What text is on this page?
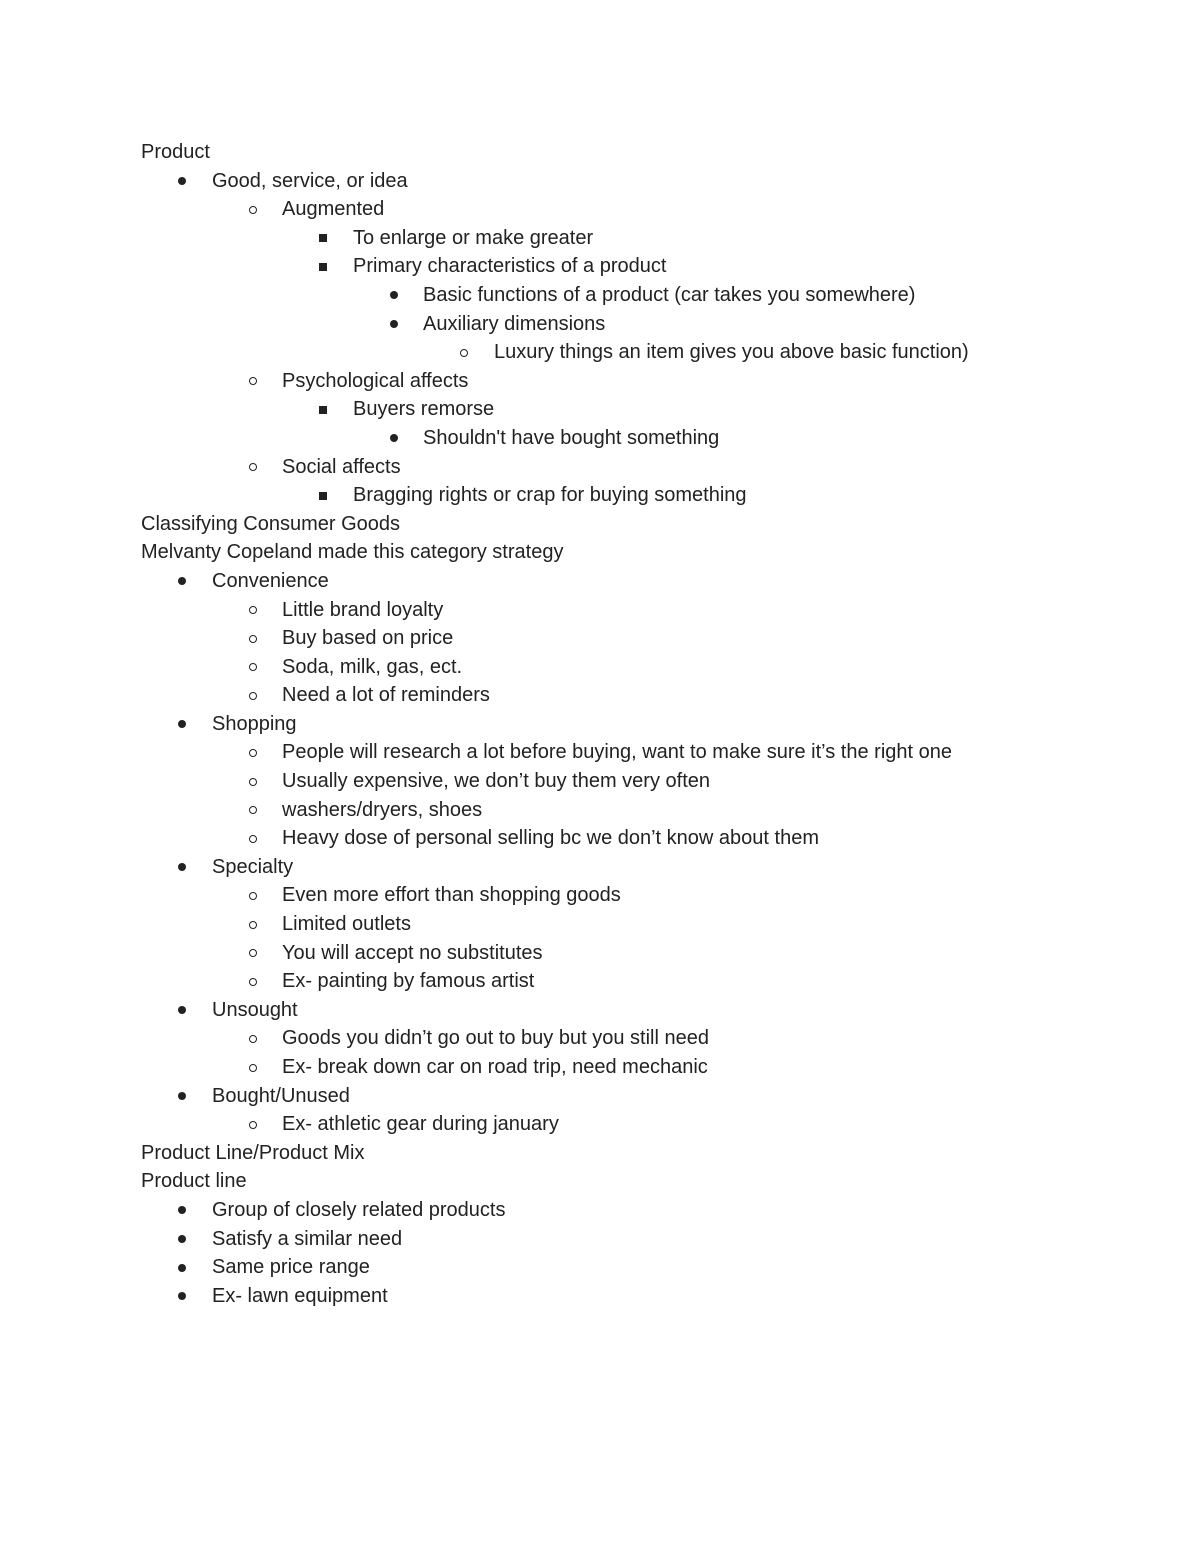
Product
Good, service, or idea
Augmented
To enlarge or make greater
Primary characteristics of a product
Basic functions of a product (car takes you somewhere)
Auxiliary dimensions
Luxury things an item gives you above basic function)
Psychological affects
Buyers remorse
Shouldn't have bought something
Social affects
Bragging rights or crap for buying something
Classifying Consumer Goods
Melvanty Copeland made this category strategy
Convenience
Little brand loyalty
Buy based on price
Soda, milk, gas, ect.
Need a lot of reminders
Shopping
People will research a lot before buying, want to make sure it’s the right one
Usually expensive, we don’t buy them very often
washers/dryers, shoes
Heavy dose of personal selling bc we don’t know about them
Specialty
Even more effort than shopping goods
Limited outlets
You will accept no substitutes
Ex- painting by famous artist
Unsought
Goods you didn’t go out to buy but you still need
Ex- break down car on road trip, need mechanic
Bought/Unused
Ex- athletic gear during january
Product Line/Product Mix
Product line
Group of closely related products
Satisfy a similar need
Same price range
Ex- lawn equipment
